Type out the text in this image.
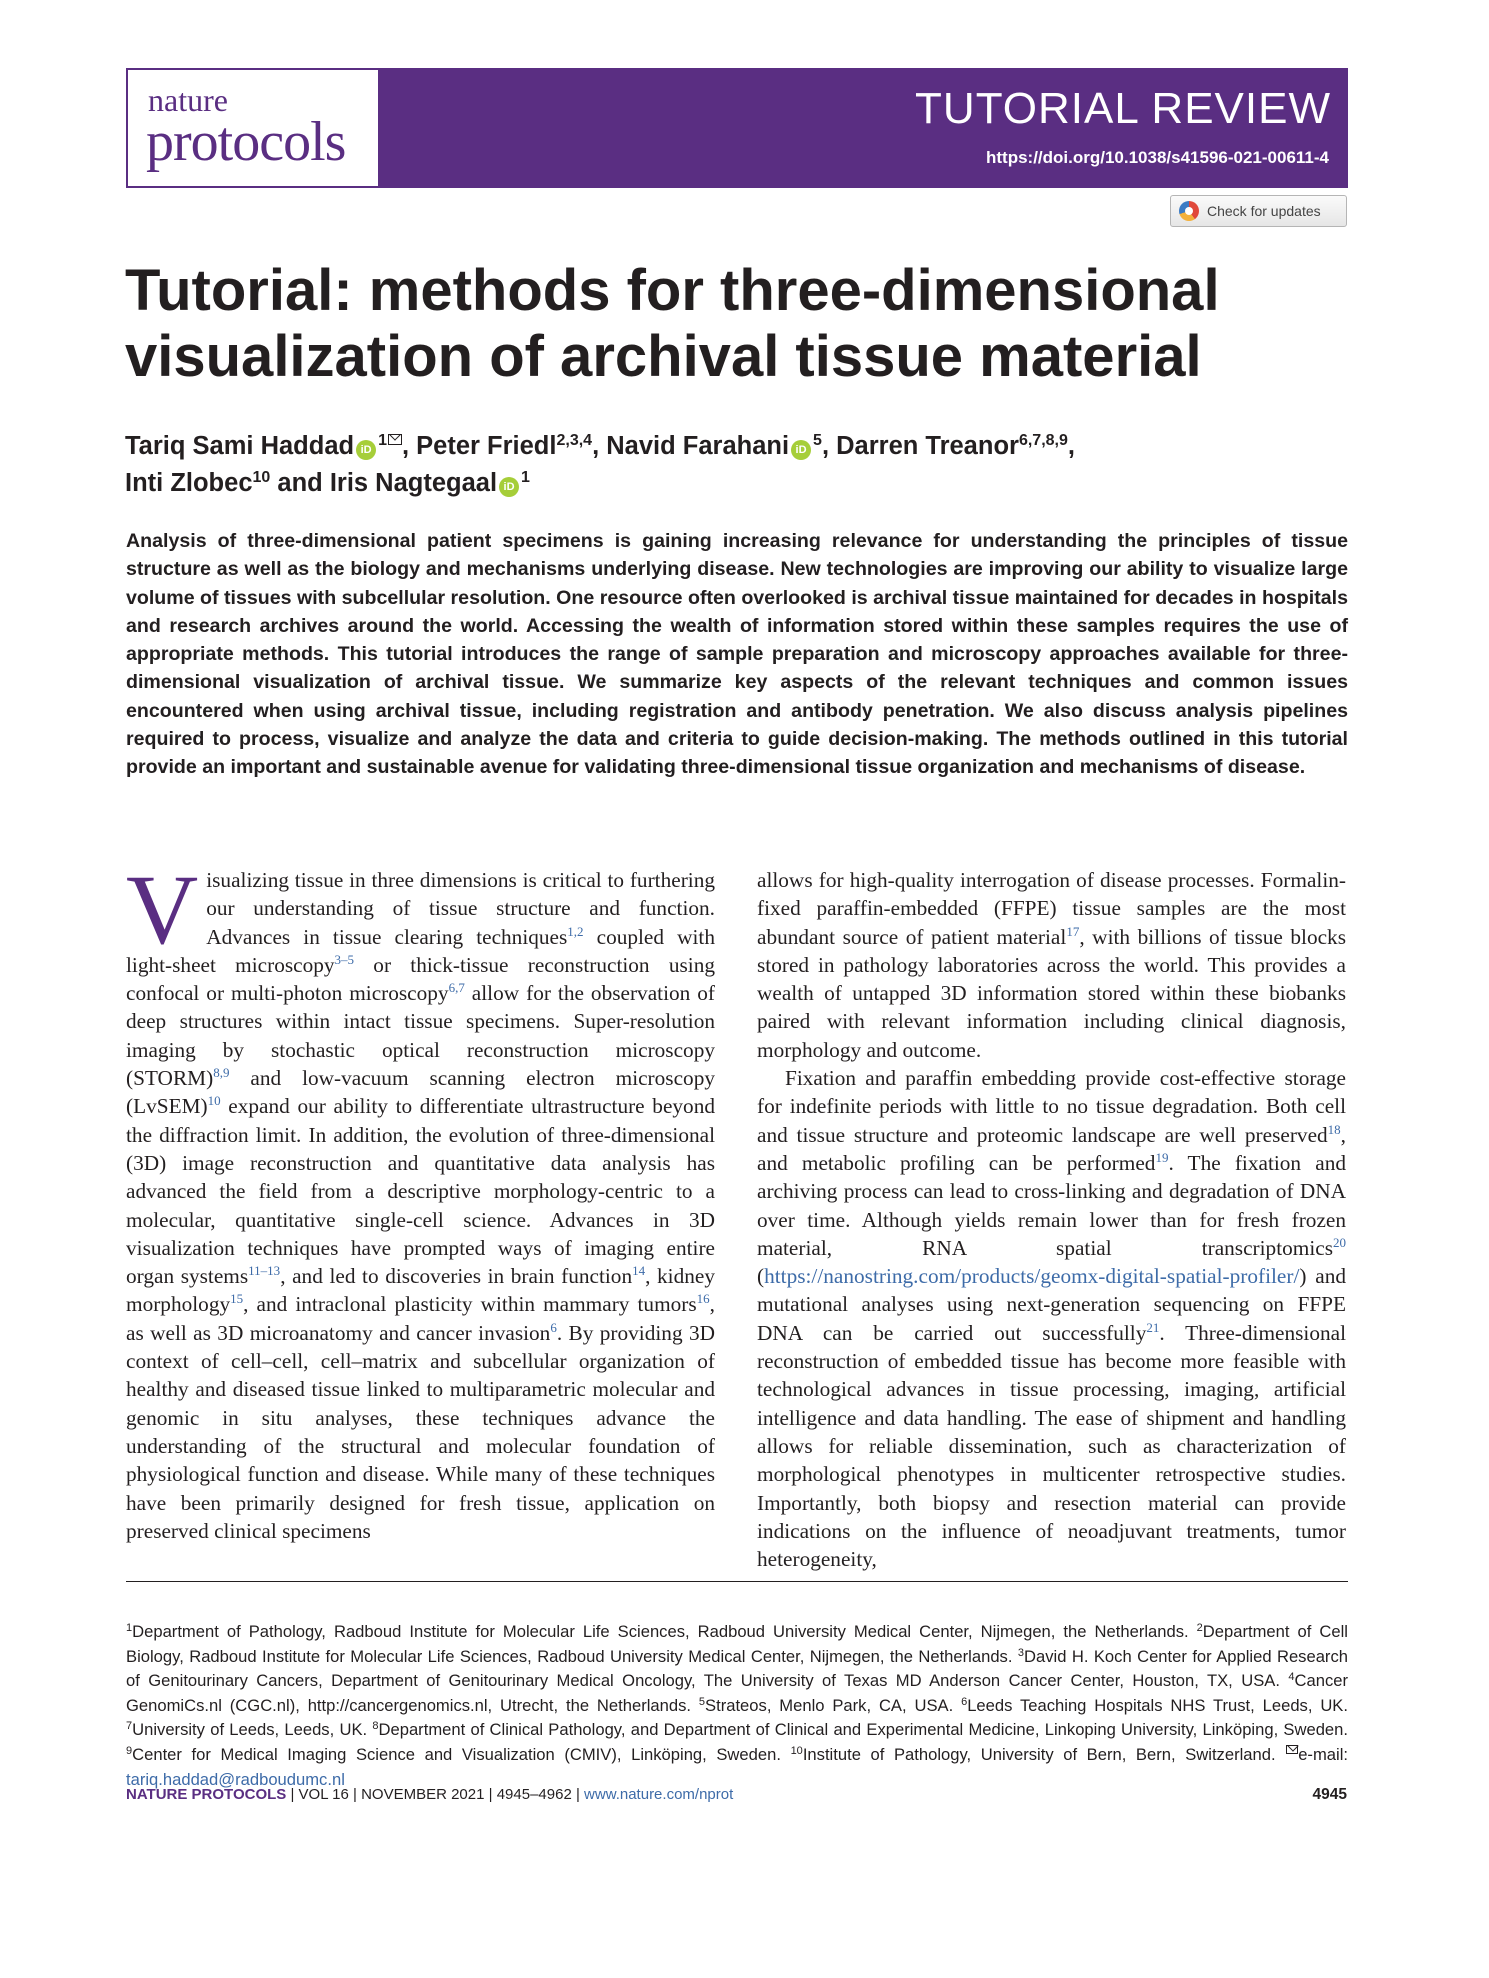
nature
protocols
TUTORIAL REVIEW
https://doi.org/10.1038/s41596-021-00611-4
Check for updates
Tutorial: methods for three-dimensional visualization of archival tissue material
Tariq Sami Haddad $iD^1$ , Peter Friedl$^{2,3,4}$, Navid Farahani $iD^5$, Darren Treanor$^{6,7,8,9}$,
Inti Zlobec$^{10}$ and Iris Nagtegaal $iD^1$

Analysis of three-dimensional patient specimens is gaining increasing relevance for understanding the principles of tissue structure as well as the biology and mechanisms underlying disease. New technologies are improving our ability to visualize large volume of tissues with subcellular resolution. One resource often overlooked is archival tissue maintained for decades in hospitals and research archives around the world. Accessing the wealth of information stored within these samples requires the use of appropriate methods. This tutorial introduces the range of sample preparation and microscopy approaches available for three-dimensional visualization of archival tissue. We summarize key aspects of the relevant techniques and common issues encountered when using archival tissue, including registration and antibody penetration. We also discuss analysis pipelines required to process, visualize and analyze the data and criteria to guide decision-making. The methods outlined in this tutorial provide an important and sustainable avenue for validating three-dimensional tissue organization and mechanisms of disease.

Visualizing tissue in three dimensions is critical to furthering our understanding of tissue structure and function. Advances in tissue clearing techniques$^{1,2}$ coupled with light-sheet microscopy$^{3-5}$ or thick-tissue reconstruction using confocal or multi-photon microscopy$^{6,7}$ allow for the observation of deep structures within intact tissue specimens. Super-resolution imaging by stochastic optical reconstruction microscopy (STORM)$^{8,9}$ and low-vacuum scanning electron microscopy (LvSEM)$^{10}$ expand our ability to differentiate ultrastructure beyond the diffraction limit. In addition, the evolution of three-dimensional (3D) image reconstruction and quantitative data analysis has advanced the field from a descriptive morphology-centric to a molecular, quantitative single-cell science. Advances in 3D visualization techniques have prompted ways of imaging entire organ systems$^{11-13}$, and led to discoveries in brain function$^{14}$, kidney morphology$^{15}$, and intraclonal plasticity within mammary tumors$^{16}$, as well as 3D microanatomy and cancer invasion$^6$. By providing 3D context of cell–cell, cell–matrix and subcellular organization of healthy and diseased tissue linked to multiparametric molecular and genomic in situ analyses, these techniques advance the understanding of the structural and molecular foundation of physiological function and disease. While many of these techniques have been primarily designed for fresh tissue, application on preserved clinical specimens

allows for high-quality interrogation of disease processes. Formalin-fixed paraffin-embedded (FFPE) tissue samples are the most abundant source of patient material$^{17}$, with billions of tissue blocks stored in pathology laboratories across the world. This provides a wealth of untapped 3D information stored within these biobanks paired with relevant information including clinical diagnosis, morphology and outcome.

Fixation and paraffin embedding provide cost-effective storage for indefinite periods with little to no tissue degradation. Both cell and tissue structure and proteomic landscape are well preserved$^{18}$, and metabolic profiling can be performed$^{19}$. The fixation and archiving process can lead to cross-linking and degradation of DNA over time. Although yields remain lower than for fresh frozen material, RNA spatial transcriptomics$^{20}$ (https://nanostring.com/products/geomx-digital-spatial-profiler/) and mutational analyses using next-generation sequencing on FFPE DNA can be carried out successfully$^{21}$. Three-dimensional reconstruction of embedded tissue has become more feasible with technological advances in tissue processing, imaging, artificial intelligence and data handling. The ease of shipment and handling allows for reliable dissemination, such as characterization of morphological phenotypes in multicenter retrospective studies. Importantly, both biopsy and resection material can provide indications on the influence of neoadjuvant treatments, tumor heterogeneity,

$^1$Department of Pathology, Radboud Institute for Molecular Life Sciences, Radboud University Medical Center, Nijmegen, the Netherlands. $^2$Department of Cell Biology, Radboud Institute for Molecular Life Sciences, Radboud University Medical Center, Nijmegen, the Netherlands. $^3$David H. Koch Center for Applied Research of Genitourinary Cancers, Department of Genitourinary Medical Oncology, The University of Texas MD Anderson Cancer Center, Houston, TX, USA. $^4$Cancer GenomiCs.nl (CGC.nl), http://cancergenomics.nl, Utrecht, the Netherlands. $^5$Strateos, Menlo Park, CA, USA. $^6$Leeds Teaching Hospitals NHS Trust, Leeds, UK. $^7$University of Leeds, Leeds, UK. $^8$Department of Clinical Pathology, and Department of Clinical and Experimental Medicine, Linkoping University, Linköping, Sweden. $^9$Center for Medical Imaging Science and Visualization (CMIV), Linköping, Sweden. $^{10}$Institute of Pathology, University of Bern, Bern, Switzerland. e-mail: tariq.haddad@radboudumc.nl

NATURE PROTOCOLS | VOL 16 | NOVEMBER 2021 | 4945–4962 | www.nature.com/nprot	4945
